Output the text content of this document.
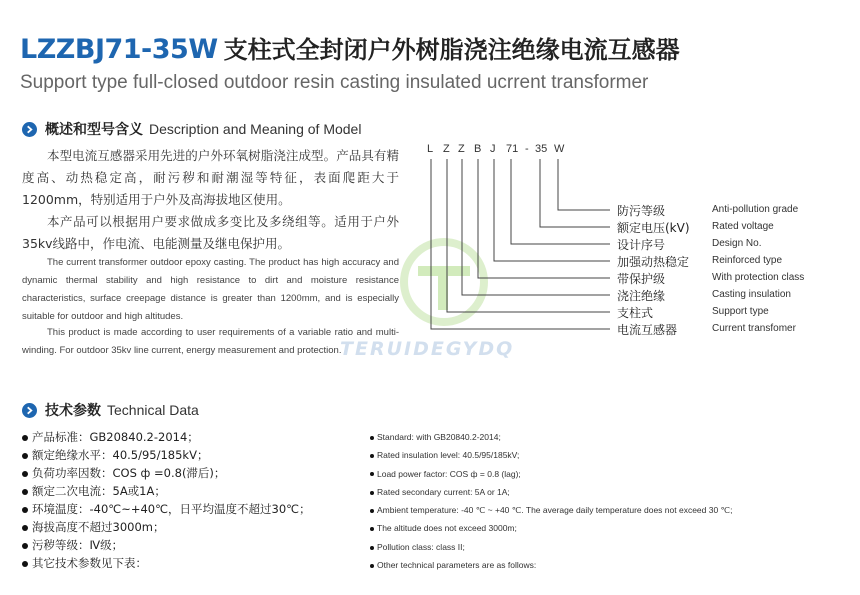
LZZBJ71-35W 支柱式全封闭户外树脂浇注绝缘电流互感器
Support type full-closed outdoor resin casting insulated ucrrent transformer
概述和型号含义 Description and Meaning of Model
本型电流互感器采用先进的户外环氧树脂浇注成型。产品具有精度高、动热稳定高，耐污秽和耐潮湿等特征，表面爬距大于1200mm，特别适用于户外及高海拔地区使用。
本产品可以根据用户要求做成多变比及多绕组等。适用于户外35kv线路中，作电流、电能测量及继电保护用。
The current transformer outdoor epoxy casting. The product has high accuracy and dynamic thermal stability and high resistance to dirt and moisture resistance characteristics, surface creepage distance is greater than 1200mm, and is especially suitable for outdoor and high altitudes.
This product is made according to user requirements of a variable ratio and multi-winding. For outdoor 35kv line current, energy measurement and protection.
TERUIDEGYDQ
L Z Z B J 71 - 35 W
防污等级
额定电压(kV)
设计序号
加强动热稳定
带保护级
浇注绝缘
支柱式
电流互感器
Anti-pollution grade
Rated voltage
Design No.
Reinforced type
With protection class
Casting insulation
Support type
Current transfomer
技术参数 Technical Data
产品标准：GB20840.2-2014；
额定绝缘水平：40.5/95/185kV；
负荷功率因数：COS ф =0.8(滞后)；
额定二次电流：5A或1A；
环境温度：-40℃~+40℃，日平均温度不超过30℃；
海拔高度不超过3000m；
污秽等级：Ⅳ级；
其它技术参数见下表：
Standard: with GB20840.2-2014;
Rated insulation level: 40.5/95/185kV;
Load power factor: COS ф = 0.8 (lag);
Rated secondary current: 5A or 1A;
Ambient temperature: -40 ℃ ~ +40 ℃. The average daily temperature does not exceed 30 ℃;
The altitude does not exceed 3000m;
Pollution class: class II;
Other technical parameters are as follows:
